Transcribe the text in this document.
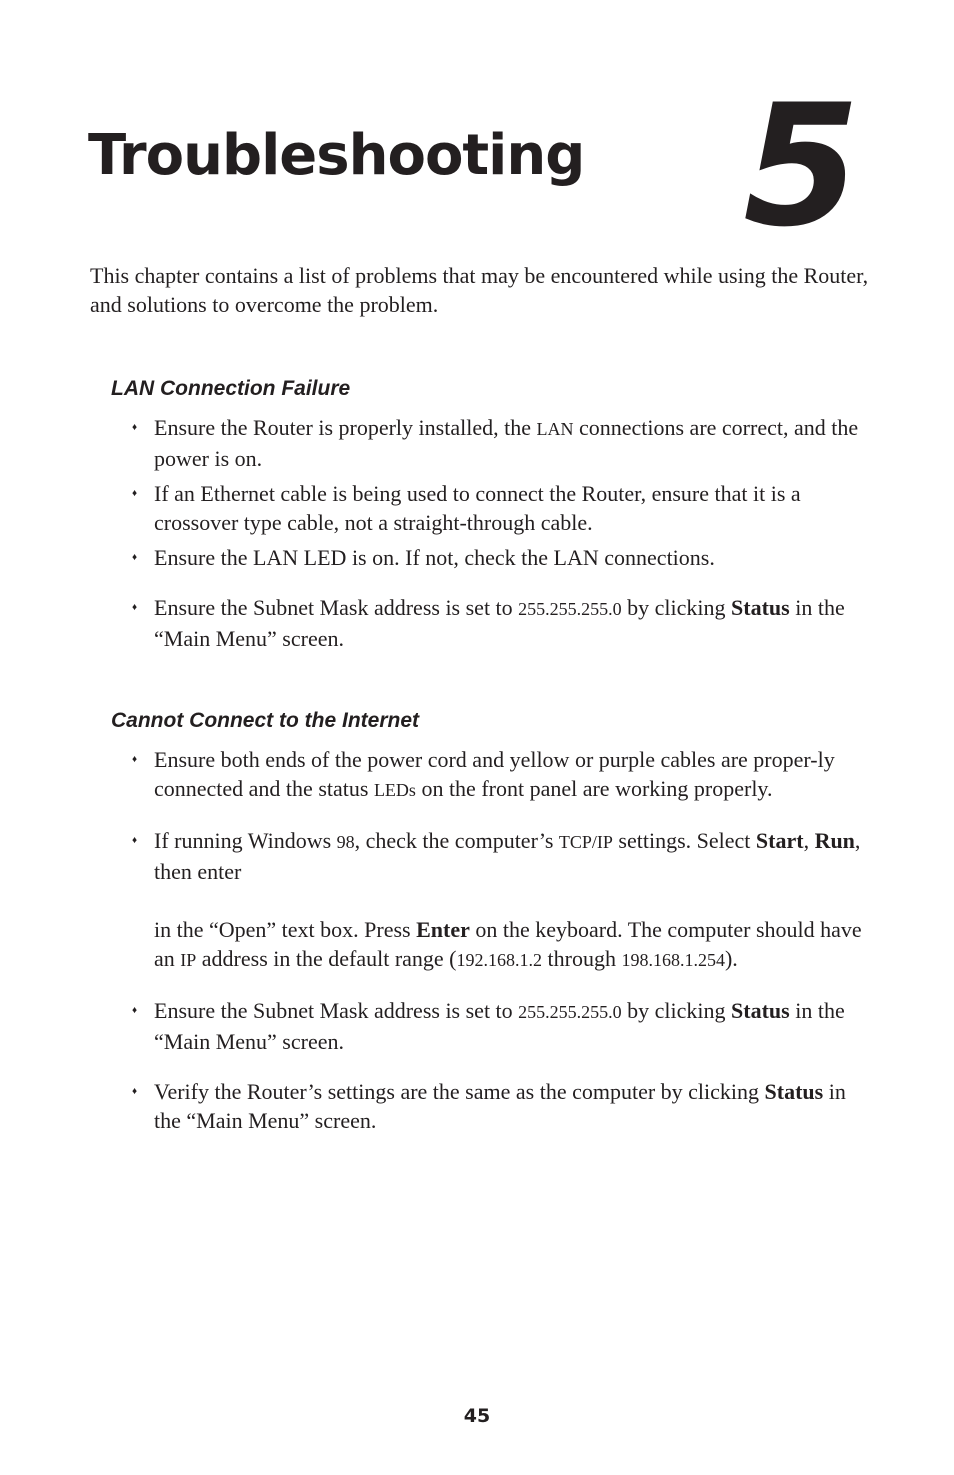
Troubleshooting 5

This chapter contains a list of problems that may be encountered while using the Router, and solutions to overcome the problem.

LAN Connection Failure
♦ Ensure the Router is properly installed, the LAN connections are correct, and the power is on.
♦ If an Ethernet cable is being used to connect the Router, ensure that it is a crossover type cable, not a straight-through cable.
♦ Ensure the LAN LED is on. If not, check the LAN connections.
♦ Ensure the Subnet Mask address is set to 255.255.255.0 by clicking Status in the “Main Menu” screen.
Cannot Connect to the Internet
♦ Ensure both ends of the power cord and yellow or purple cables are proper-ly connected and the status LEDs on the front panel are working properly.
♦ If running Windows 98, check the computer’s TCP/IP settings. Select Start, Run, then enter

in the “Open” text box. Press Enter on the keyboard. The computer should have an IP address in the default range (192.168.1.2 through 198.168.1.254).
♦ Ensure the Subnet Mask address is set to 255.255.255.0 by clicking Status in the “Main Menu” screen.
♦ Verify the Router’s settings are the same as the computer by clicking Status in the “Main Menu” screen.
45
